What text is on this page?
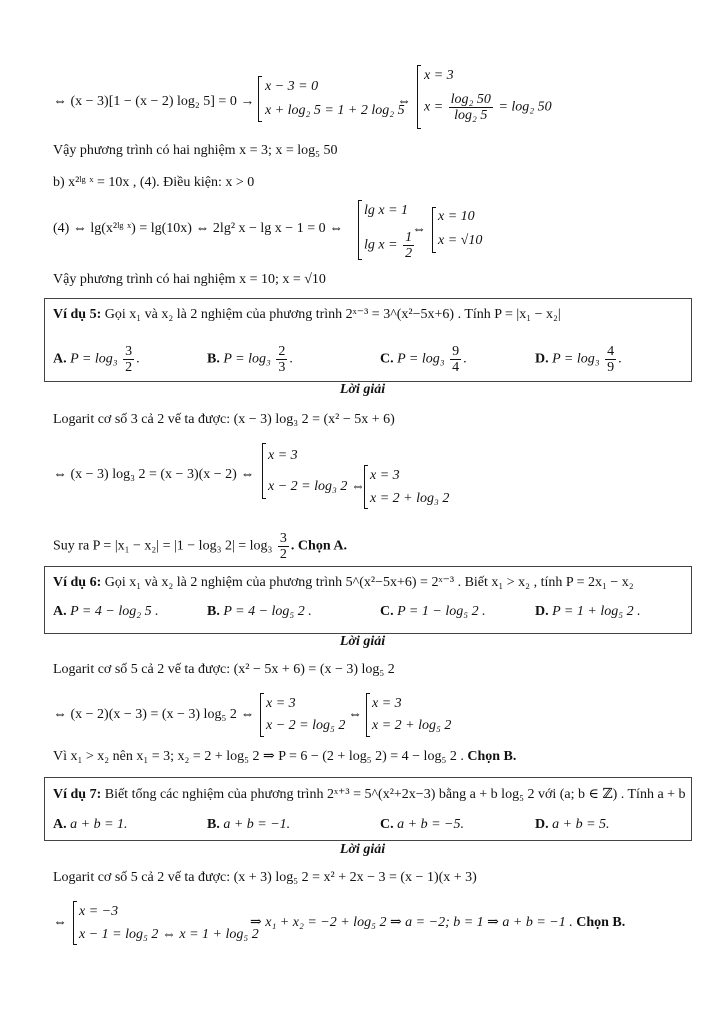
⇔ (x − 3)[1 − (x − 2) log₂ 5] = 0 →
x − 3 = 0
x + log₂ 5 = 1 + 2 log₂ 5
⇔
x = 3
$x = \frac{\text{log₂ 50}}{\text{log₂ 5}} = \log_2$ 50
Vậy phương trình có hai nghiệm x = 3; x = log₅ 50
b) x²ˡᵍ ˣ = 10x , (4). Điều kiện: x > 0
(4) ⇔ lg(x²ˡᵍ ˣ) = lg(10x) ⇔ 2lg² x − lg x − 1 = 0 ⇔
lg x = 1
$\lg x = \frac{1}{2}$
⇔
x = 10
x = √10
Vậy phương trình có hai nghiệm x = 10; x = √10
Ví dụ 5: Gọi x₁ và x₂ là 2 nghiệm của phương trình 2ˣ⁻³ = 3^(x²−5x+6) . Tính P = |x₁ − x₂|
A. $P = \log_3 \frac{3}{2}$ .	B. $P = \log_3 \frac{2}{3}$ .	C. $P = \log_3 \frac{9}{4}$ .	D. $P = \log_3 \frac{4}{9}$ .
Lời giải
Logarit cơ số 3 cả 2 vế ta được: (x − 3) log₃ 2 = (x² − 5x + 6)
⇔ (x − 3) log₃ 2 = (x − 3)(x − 2) ⇔
x = 3
x − 2 = log₃ 2 ⇔
x = 3
x = 2 + log₃ 2
Suy ra P = |x₁ − x₂| = |1 − log₃ $2| = \log_3 \frac{3}{2}$ . Chọn A.
Ví dụ 6: Gọi x₁ và x₂ là 2 nghiệm của phương trình 5^(x²−5x+6) = 2ˣ⁻³ . Biết x₁ > x₂ , tính P = 2x₁ − x₂
A. P = 4 − log₂ 5 .	B. P = 4 − log₅ 2 .	C. P = 1 − log₅ 2 .	D. P = 1 + log₅ 2 .
Lời giải
Logarit cơ số 5 cả 2 vế ta được: (x² − 5x + 6) = (x − 3) log₅ 2
⇔ (x − 2)(x − 3) = (x − 3) log₅ 2 ⇔
x = 3
x − 2 = log₅ 2
⇔
x = 3
x = 2 + log₅ 2
Vì x₁ > x₂ nên x₁ = 3; x₂ = 2 + log₅ 2 ⇒ P = 6 − (2 + log₅ 2) = 4 − log₅ 2 . Chọn B.
Ví dụ 7: Biết tổng các nghiệm của phương trình 2ˣ⁺³ = 5^(x²+2x−3) bằng a + b log₅ 2 với (a; b ∈ ℤ) . Tính a + b
A. a + b = 1.	B. a + b = −1.	C. a + b = −5.	D. a + b = 5.
Lời giải
Logarit cơ số 5 cả 2 vế ta được: (x + 3) log₅ 2 = x² + 2x − 3 = (x − 1)(x + 3)
⇔
x = −3
x − 1 = log₅ 2 ⇔ x = 1 + log₅ 2
⇒ x₁ + x₂ = −2 + log₅ 2 ⇒ a = −2; b = 1 ⇒ a + b = −1 . Chọn B.
